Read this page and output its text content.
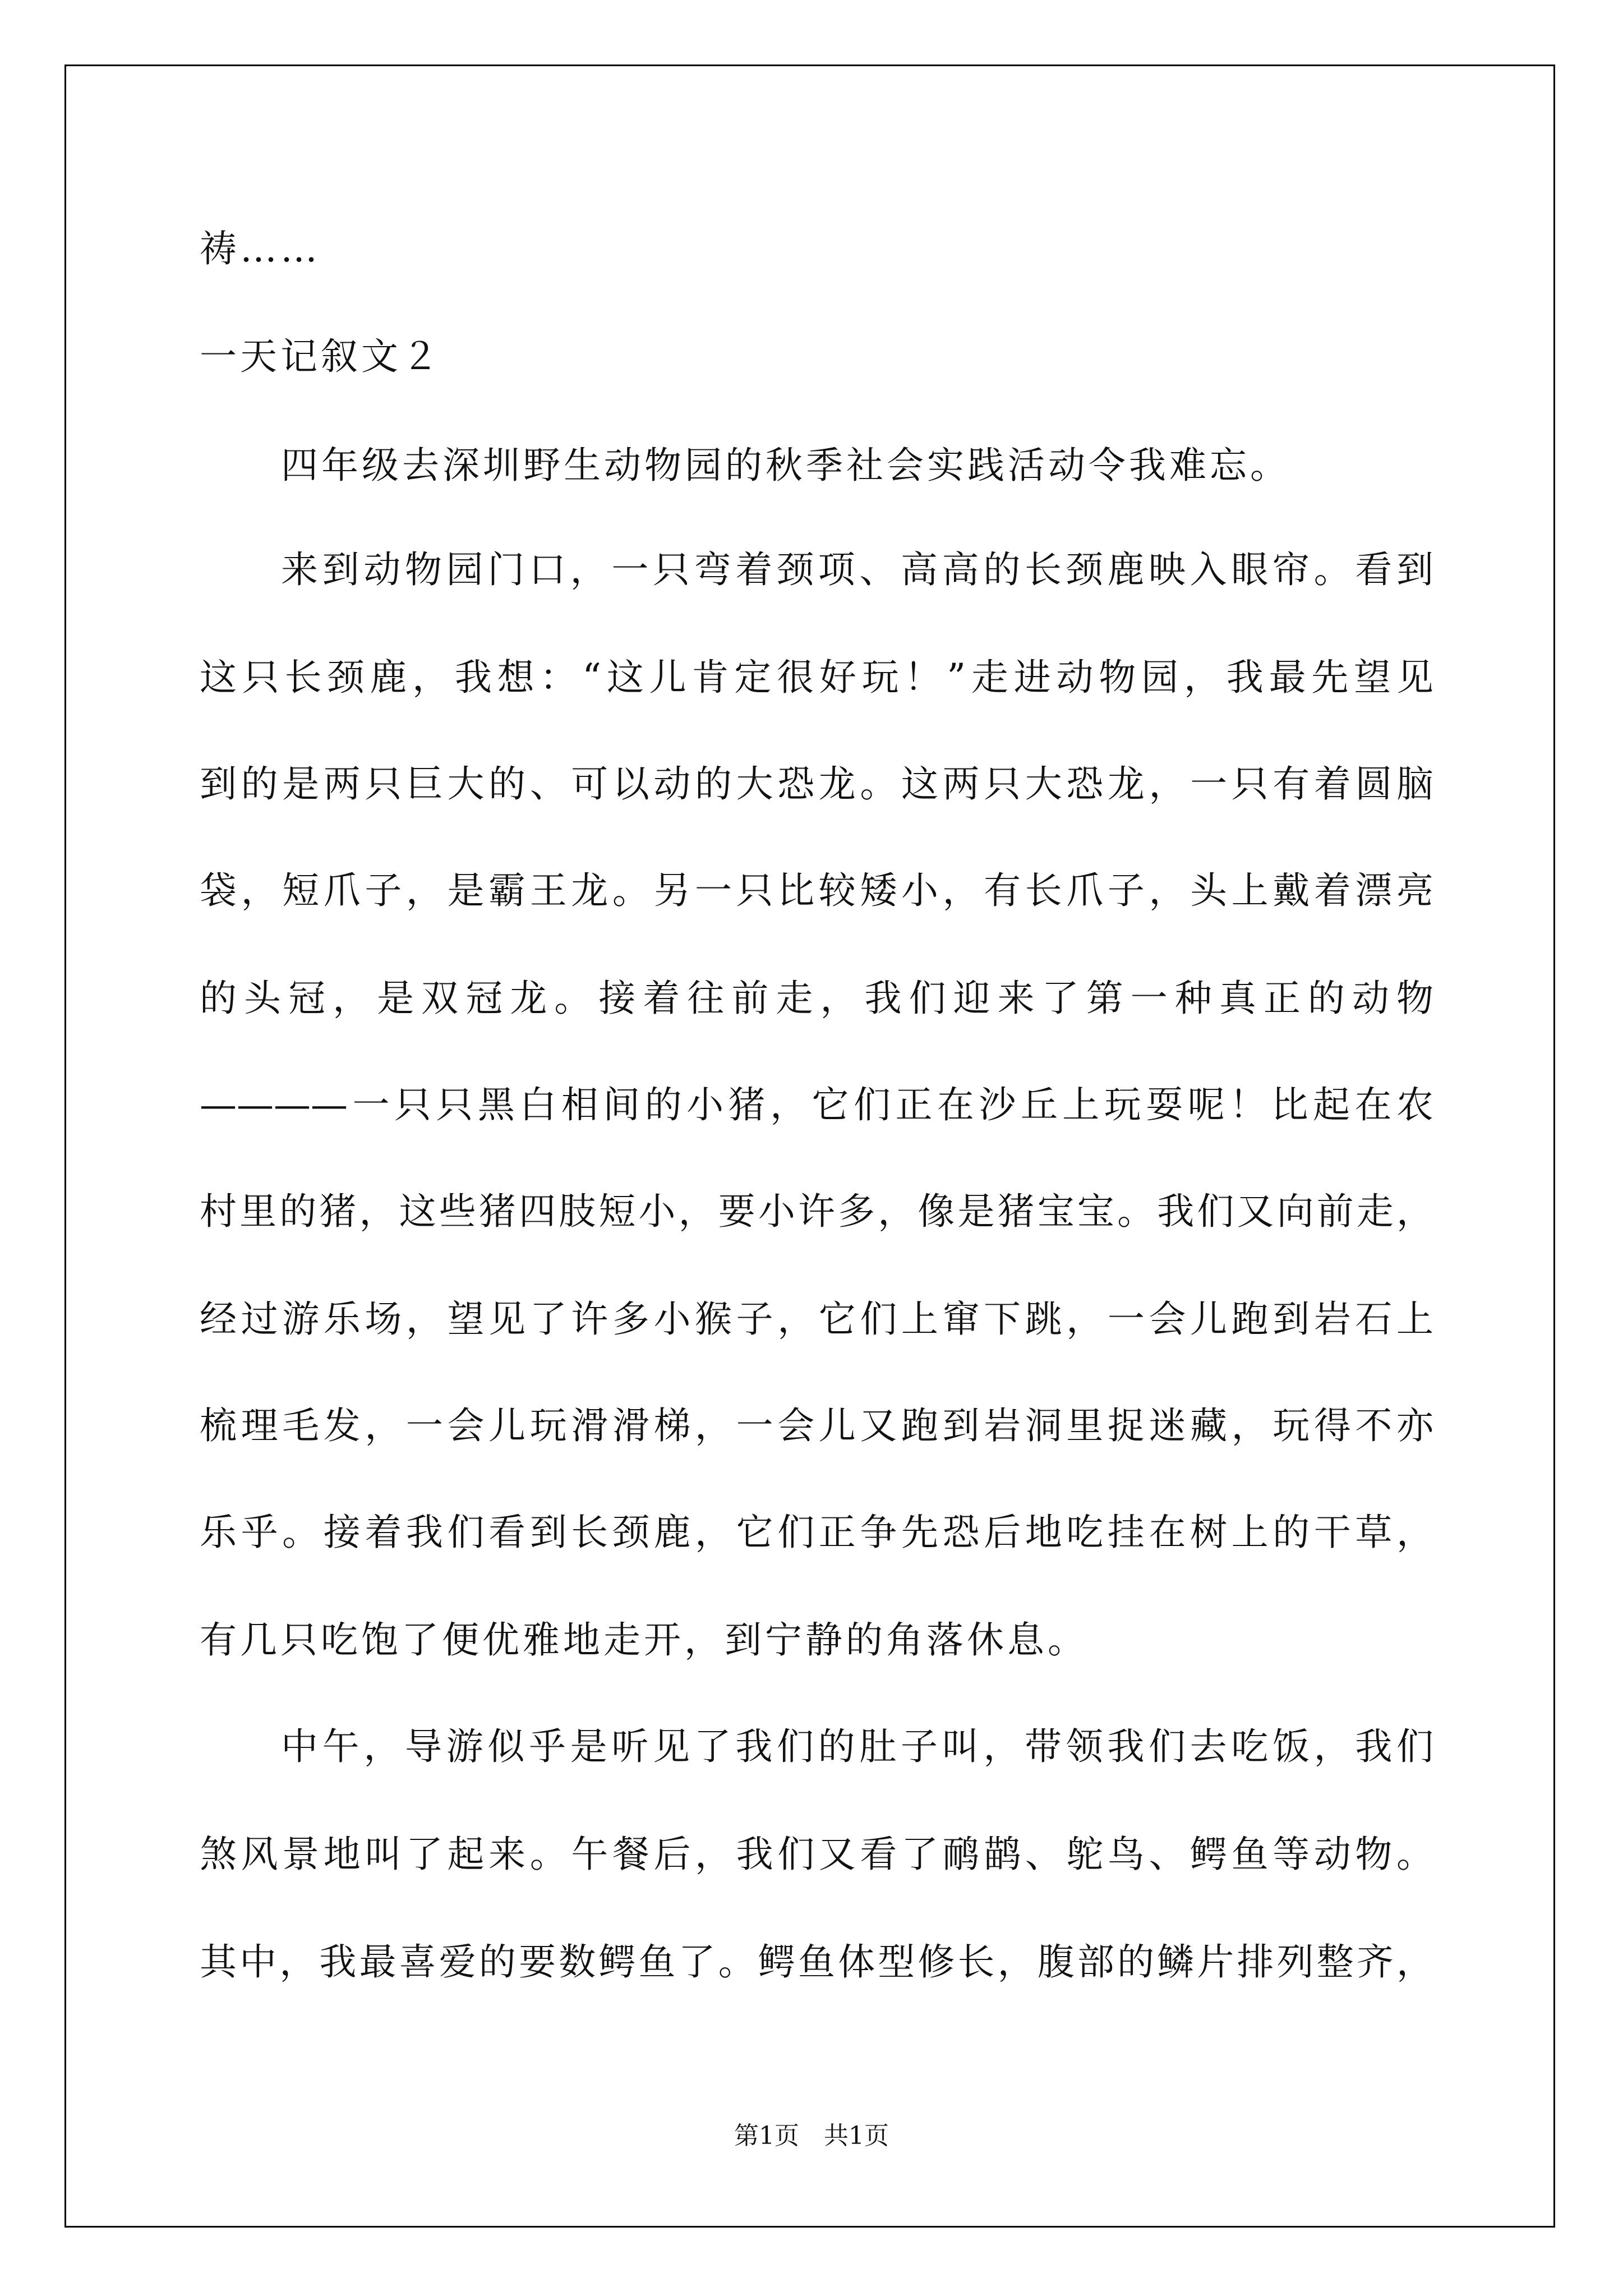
祷……
一天记叙文２
四年级去深圳野生动物园的秋季社会实践活动令我难忘。
来到动物园门口，一只弯着颈项、高高的长颈鹿映入眼帘。看到
这只长颈鹿，我想：“这儿肯定很好玩！”走进动物园，我最先望见
到的是两只巨大的、可以动的大恐龙。这两只大恐龙，一只有着圆脑
袋，短爪子，是霸王龙。另一只比较矮小，有长爪子，头上戴着漂亮
的头冠，是双冠龙。接着往前走，我们迎来了第一种真正的动物
————一只只黑白相间的小猪，它们正在沙丘上玩耍呢！比起在农
村里的猪，这些猪四肢短小，要小许多，像是猪宝宝。我们又向前走，
经过游乐场，望见了许多小猴子，它们上窜下跳，一会儿跑到岩石上
梳理毛发，一会儿玩滑滑梯，一会儿又跑到岩洞里捉迷藏，玩得不亦
乐乎。接着我们看到长颈鹿，它们正争先恐后地吃挂在树上的干草，
有几只吃饱了便优雅地走开，到宁静的角落休息。
中午，导游似乎是听见了我们的肚子叫，带领我们去吃饭，我们
煞风景地叫了起来。午餐后，我们又看了鸸鹋、鸵鸟、鳄鱼等动物。
其中，我最喜爱的要数鳄鱼了。鳄鱼体型修长，腹部的鳞片排列整齐，
第1页　共1页
